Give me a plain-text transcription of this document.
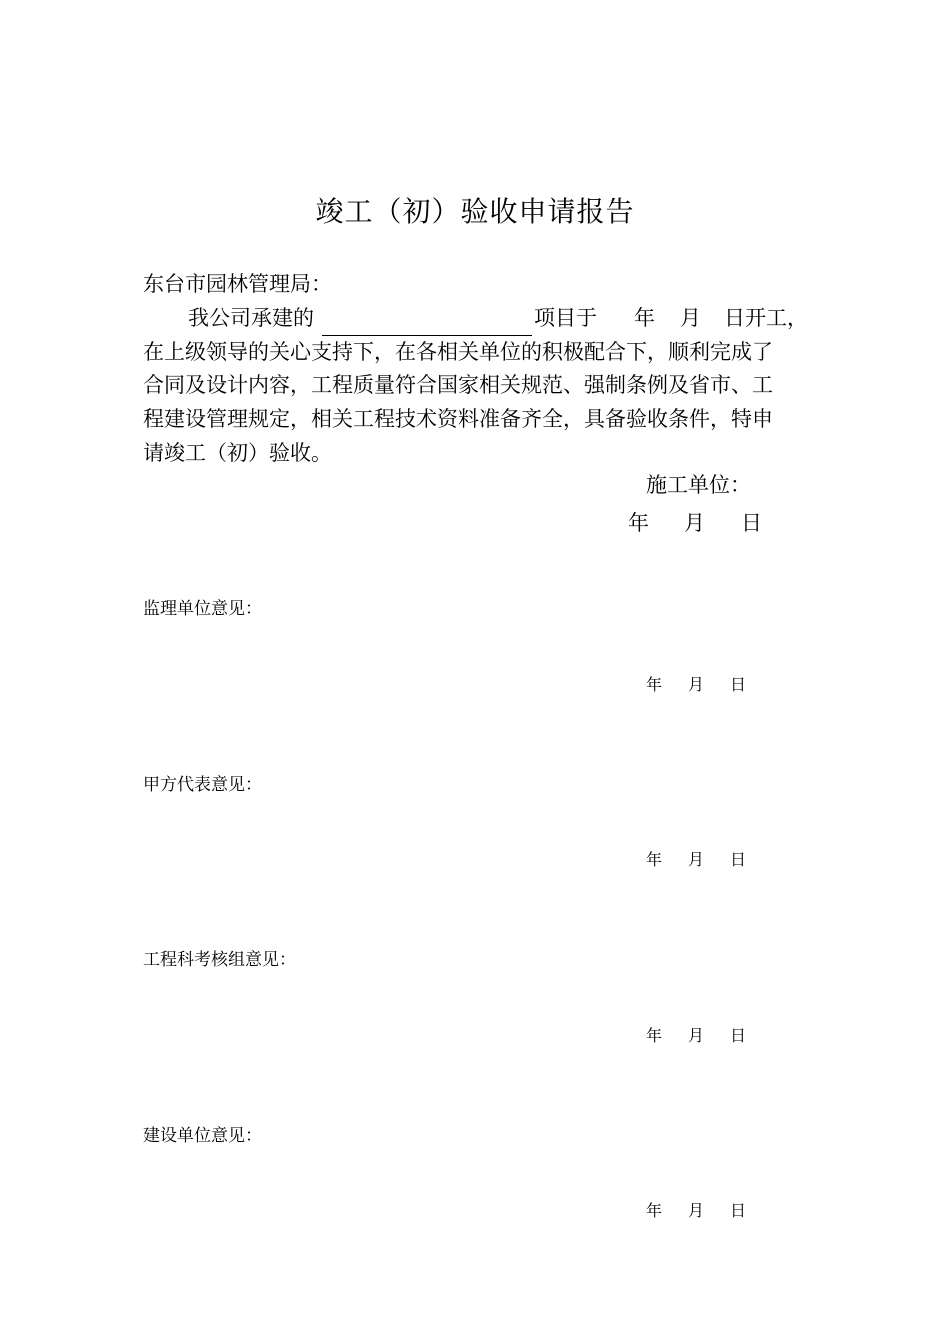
竣工（初）验收申请报告
东台市园林管理局：
我公司承建的	项目于 年 月 日开工，
在上级领导的关心支持下，在各相关单位的积极配合下，顺利完成了
合同及设计内容，工程质量符合国家相关规范、强制条例及省市、工
程建设管理规定，相关工程技术资料准备齐全，具备验收条件，特申
请竣工（初）验收。
施工单位：
年 月 日
监理单位意见：
年 月 日
甲方代表意见：
年 月 日
工程科考核组意见：
年 月 日
建设单位意见：
年 月 日
